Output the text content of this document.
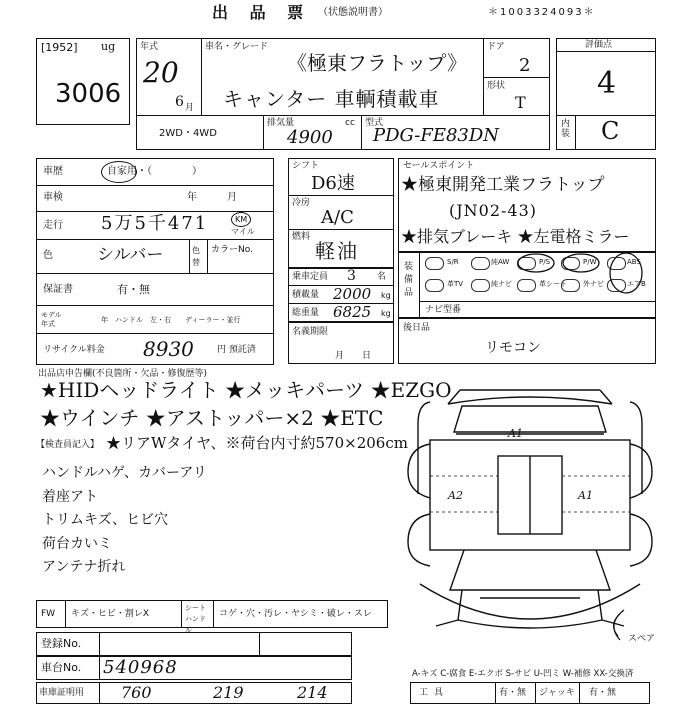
出 品 票 （状態説明書）	＊1003324093＊
[1952] ug
3006
年式
20
6 月
車名・グレード
《極東フラトップ》
キャンター 車輌積載車
ドア
2
形状
T
2WD・4WD
排気量
4900
cc 型式
PDG-FE83DN
評価点
4
内装 C
車歴	自家用・（　　　　）
車検	年　　　月
走行 5万5千471	KM
マイル
色	シルバー	色替
カラーNo.
保証書	有・無
モデル年式	年　ハンドル　左・右　　ディーラー・並行
リサイクル料金 8930	円 預託済
シフト
D6速
冷房
A/C
燃料
軽油
乗車定員 3 名
積載量 2000 kg
総重量 6825 kg
名義期限
月　　日
セールスポイント
★極東開発工業フラトップ
(JN02-43)
★排気ブレーキ ★左電格ミラー
装備品
S/R	純AW	P/S	P/W	ABS
革TV	純ナビ	革シート 外ナビ	エアB
ナビ型番
後日品
リモコン
出品店申告欄(不良箇所・欠品・修復歴等)
★HIDヘッドライト ★メッキパーツ ★EZGO
★ウインチ ★アストッパー×2 ★ETC
【検査員記入】 ★リアWタイヤ、※荷台内寸約570×206cm
ハンドルハゲ、カバーアリ
着座アト
トリムキズ、ヒビ穴
荷台カいミ
アンテナ折れ
A1
A2	A1
スペア
A-キズ C-腐食 E-エクボ S-サビ U-凹ミ W-補修 XX-交換済
FW キズ・ヒビ・割レX
シートハンドル
コゲ・穴・汚レ・ヤシミ・破レ・スレ
登録No.
車台No. 540968
車庫証明用 760	219	214	工具	有・無 ジャッキ 有・無
